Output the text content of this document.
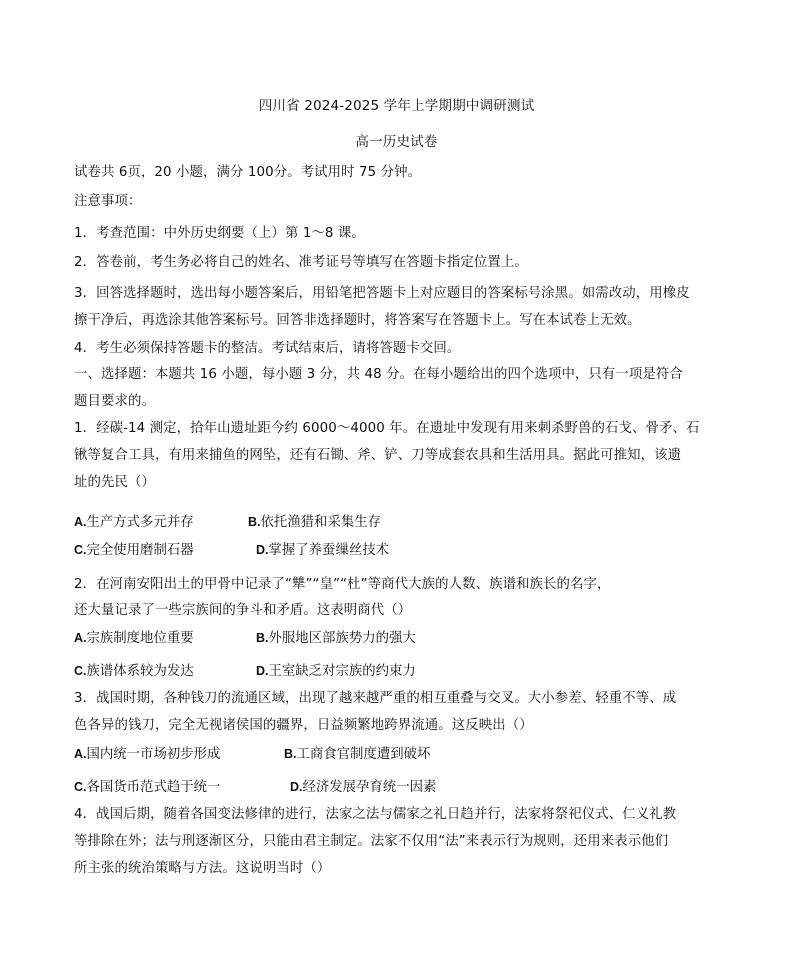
四川省 2024-2025 学年上学期期中调研测试
高一历史试卷
试卷共 6页，20 小题，满分 100分。考试用时 75 分钟。
注意事项：
1．考查范围：中外历史纲要（上）第 1～8 课。
2．答卷前，考生务必将自己的姓名、准考证号等填写在答题卡指定位置上。
3．回答选择题时，选出每小题答案后，用铅笔把答题卡上对应题目的答案标号涂黑。如需改动，用橡皮
擦干净后，再选涂其他答案标号。回答非选择题时，将答案写在答题卡上。写在本试卷上无效。
4．考生必须保持答题卡的整洁。考试结束后，请将答题卡交回。
一、选择题：本题共 16 小题，每小题 3 分，共 48 分。在每小题给出的四个选项中，只有一项是符合
题目要求的。
1．经碳-14 测定，拾年山遗址距今约 6000～4000 年。在遗址中发现有用来刺杀野兽的石戈、骨矛、石
锹等复合工具，有用来捕鱼的网坠，还有石锄、斧、铲、刀等成套农具和生活用具。据此可推知，该遗
址的先民（）
A.生产方式多元并存	B.依托渔猎和采集生存
C.完全使用磨制石器	D.掌握了养蚕缫丝技术
2．在河南安阳出土的甲骨中记录了“犨”“皇”“杜”等商代大族的人数、族谱和族长的名字，
还大量记录了一些宗族间的争斗和矛盾。这表明商代（）
A.宗族制度地位重要	B.外服地区部族势力的强大
C.族谱体系较为发达	D.王室缺乏对宗族的约束力
3．战国时期，各种钱刀的流通区域，出现了越来越严重的相互重叠与交叉。大小参差、轻重不等、成
色各异的钱刀，完全无视诸侯国的疆界，日益频繁地跨界流通。这反映出（）
A.国内统一市场初步形成	B.工商食官制度遭到破坏
C.各国货币范式趋于统一	D.经济发展孕育统一因素
4．战国后期，随着各国变法修律的进行，法家之法与儒家之礼日趋并行，法家将祭祀仪式、仁义礼教
等排除在外；法与刑逐渐区分，只能由君主制定。法家不仅用“法”来表示行为规则，还用来表示他们
所主张的统治策略与方法。这说明当时（）
